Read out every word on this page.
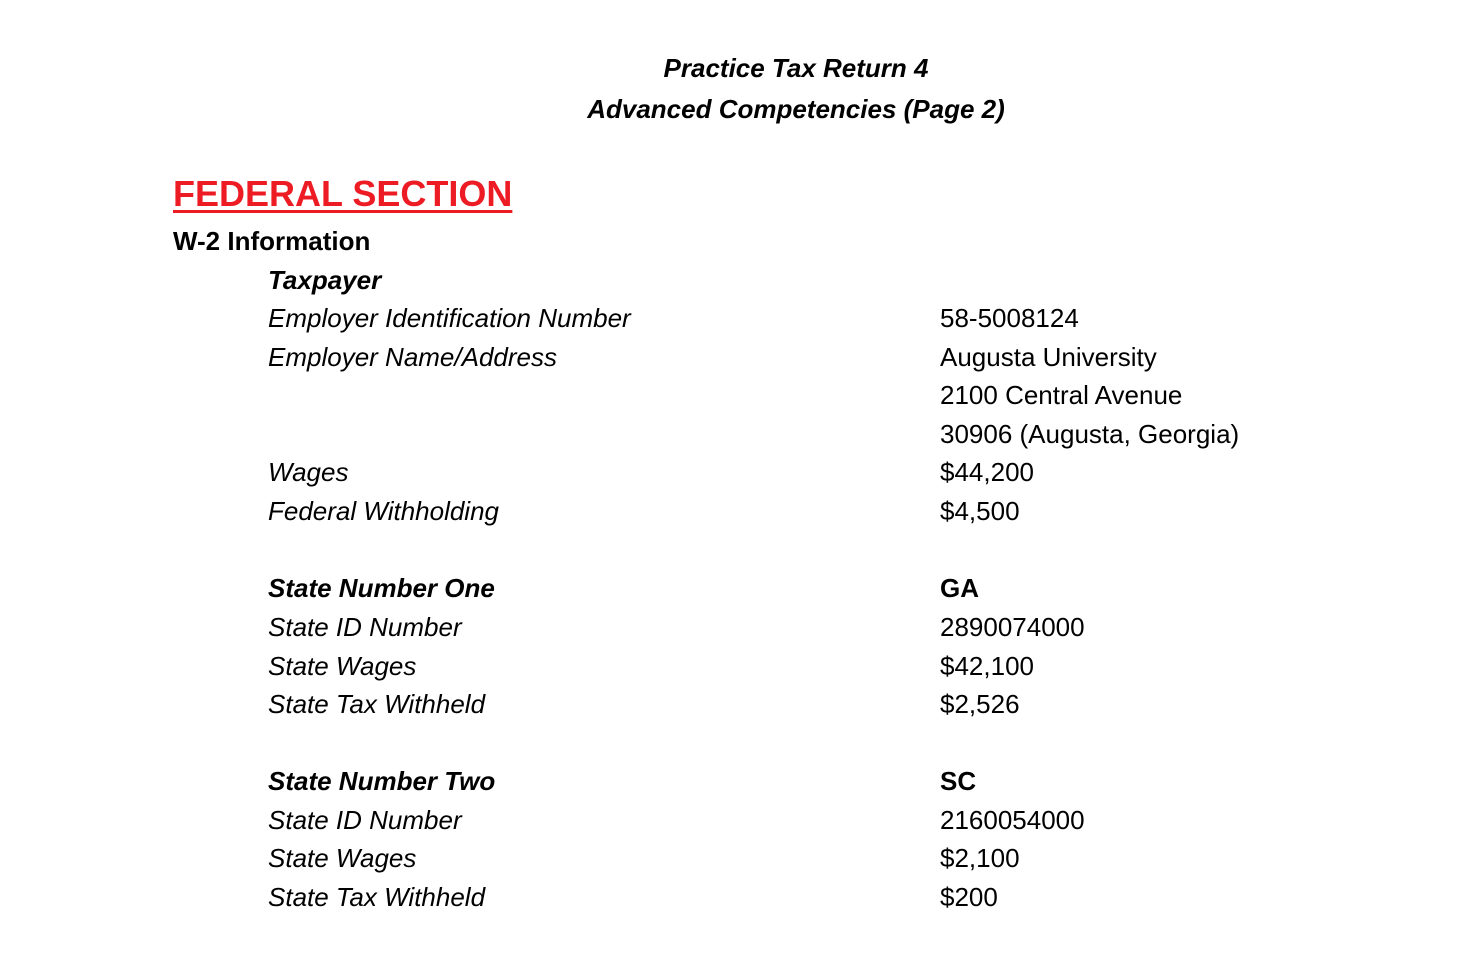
Practice Tax Return 4
Advanced Competencies (Page 2)
FEDERAL SECTION
W-2 Information
Taxpayer
Employer Identification Number	58-5008124
Employer Name/Address	Augusta University
2100 Central Avenue
30906 (Augusta, Georgia)
Wages	$44,200
Federal Withholding	$4,500
State Number One	GA
State ID Number	2890074000
State Wages	$42,100
State Tax Withheld	$2,526
State Number Two	SC
State ID Number	2160054000
State Wages	$2,100
State Tax Withheld	$200
